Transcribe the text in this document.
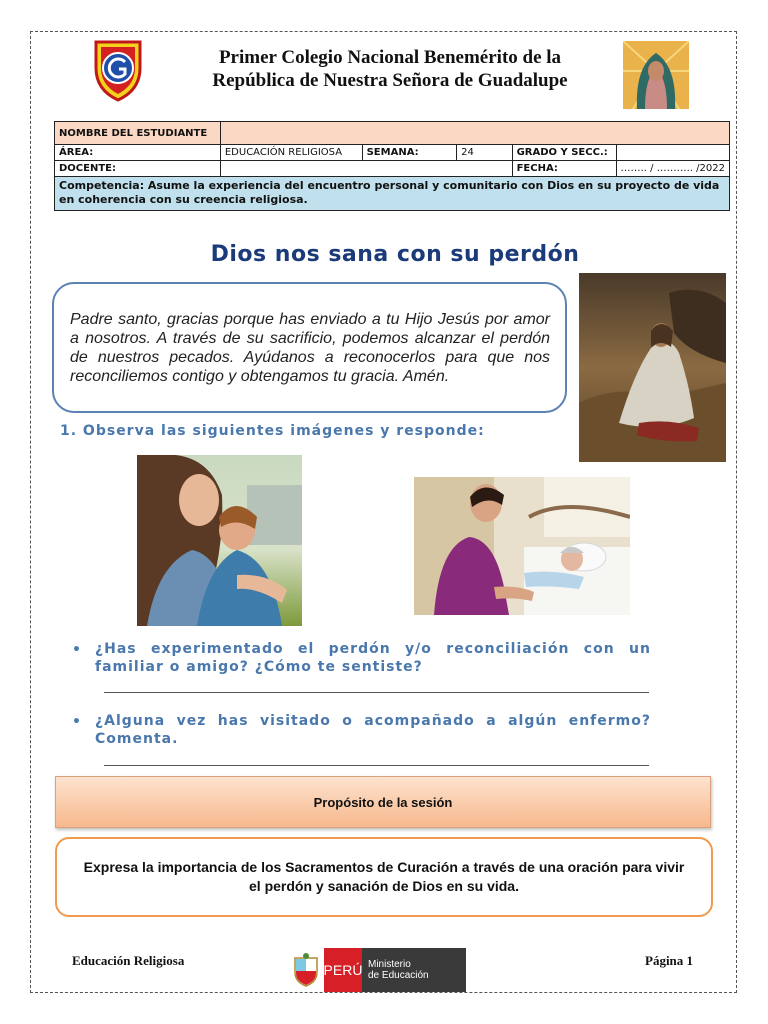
Primer Colegio Nacional Benemérito de la
República de Nuestra Señora de Guadalupe
NOMBRE DEL ESTUDIANTE					
ÁREA:	EDUCACIÓN RELIGIOSA	SEMANA:	24	GRADO Y SECC.:	
DOCENTE:				FECHA:	…….. / ……….. /2022
Competencia: Asume la experiencia del encuentro personal y comunitario con Dios en su proyecto de vida en coherencia con su creencia religiosa.					
Dios nos sana con su perdón
Padre santo, gracias porque has enviado a tu Hijo Jesús por amor a nosotros. A través de su sacrificio, podemos alcanzar el perdón de nuestros pecados. Ayúdanos a reconocerlos para que nos reconciliemos contigo y obtengamos tu gracia. Amén.
1. Observa las siguientes imágenes y responde:
• ¿Has experimentado el perdón y/o reconciliación con un familiar o amigo? ¿Cómo te sentiste?
• ¿Alguna vez has visitado o acompañado a algún enfermo? Comenta.
Propósito de la sesión
Expresa la importancia de los Sacramentos de Curación a través de una oración para vivir el perdón y sanación de Dios en su vida.
Educación Religiosa
PERÚ Ministerio
de Educación
Página 1
